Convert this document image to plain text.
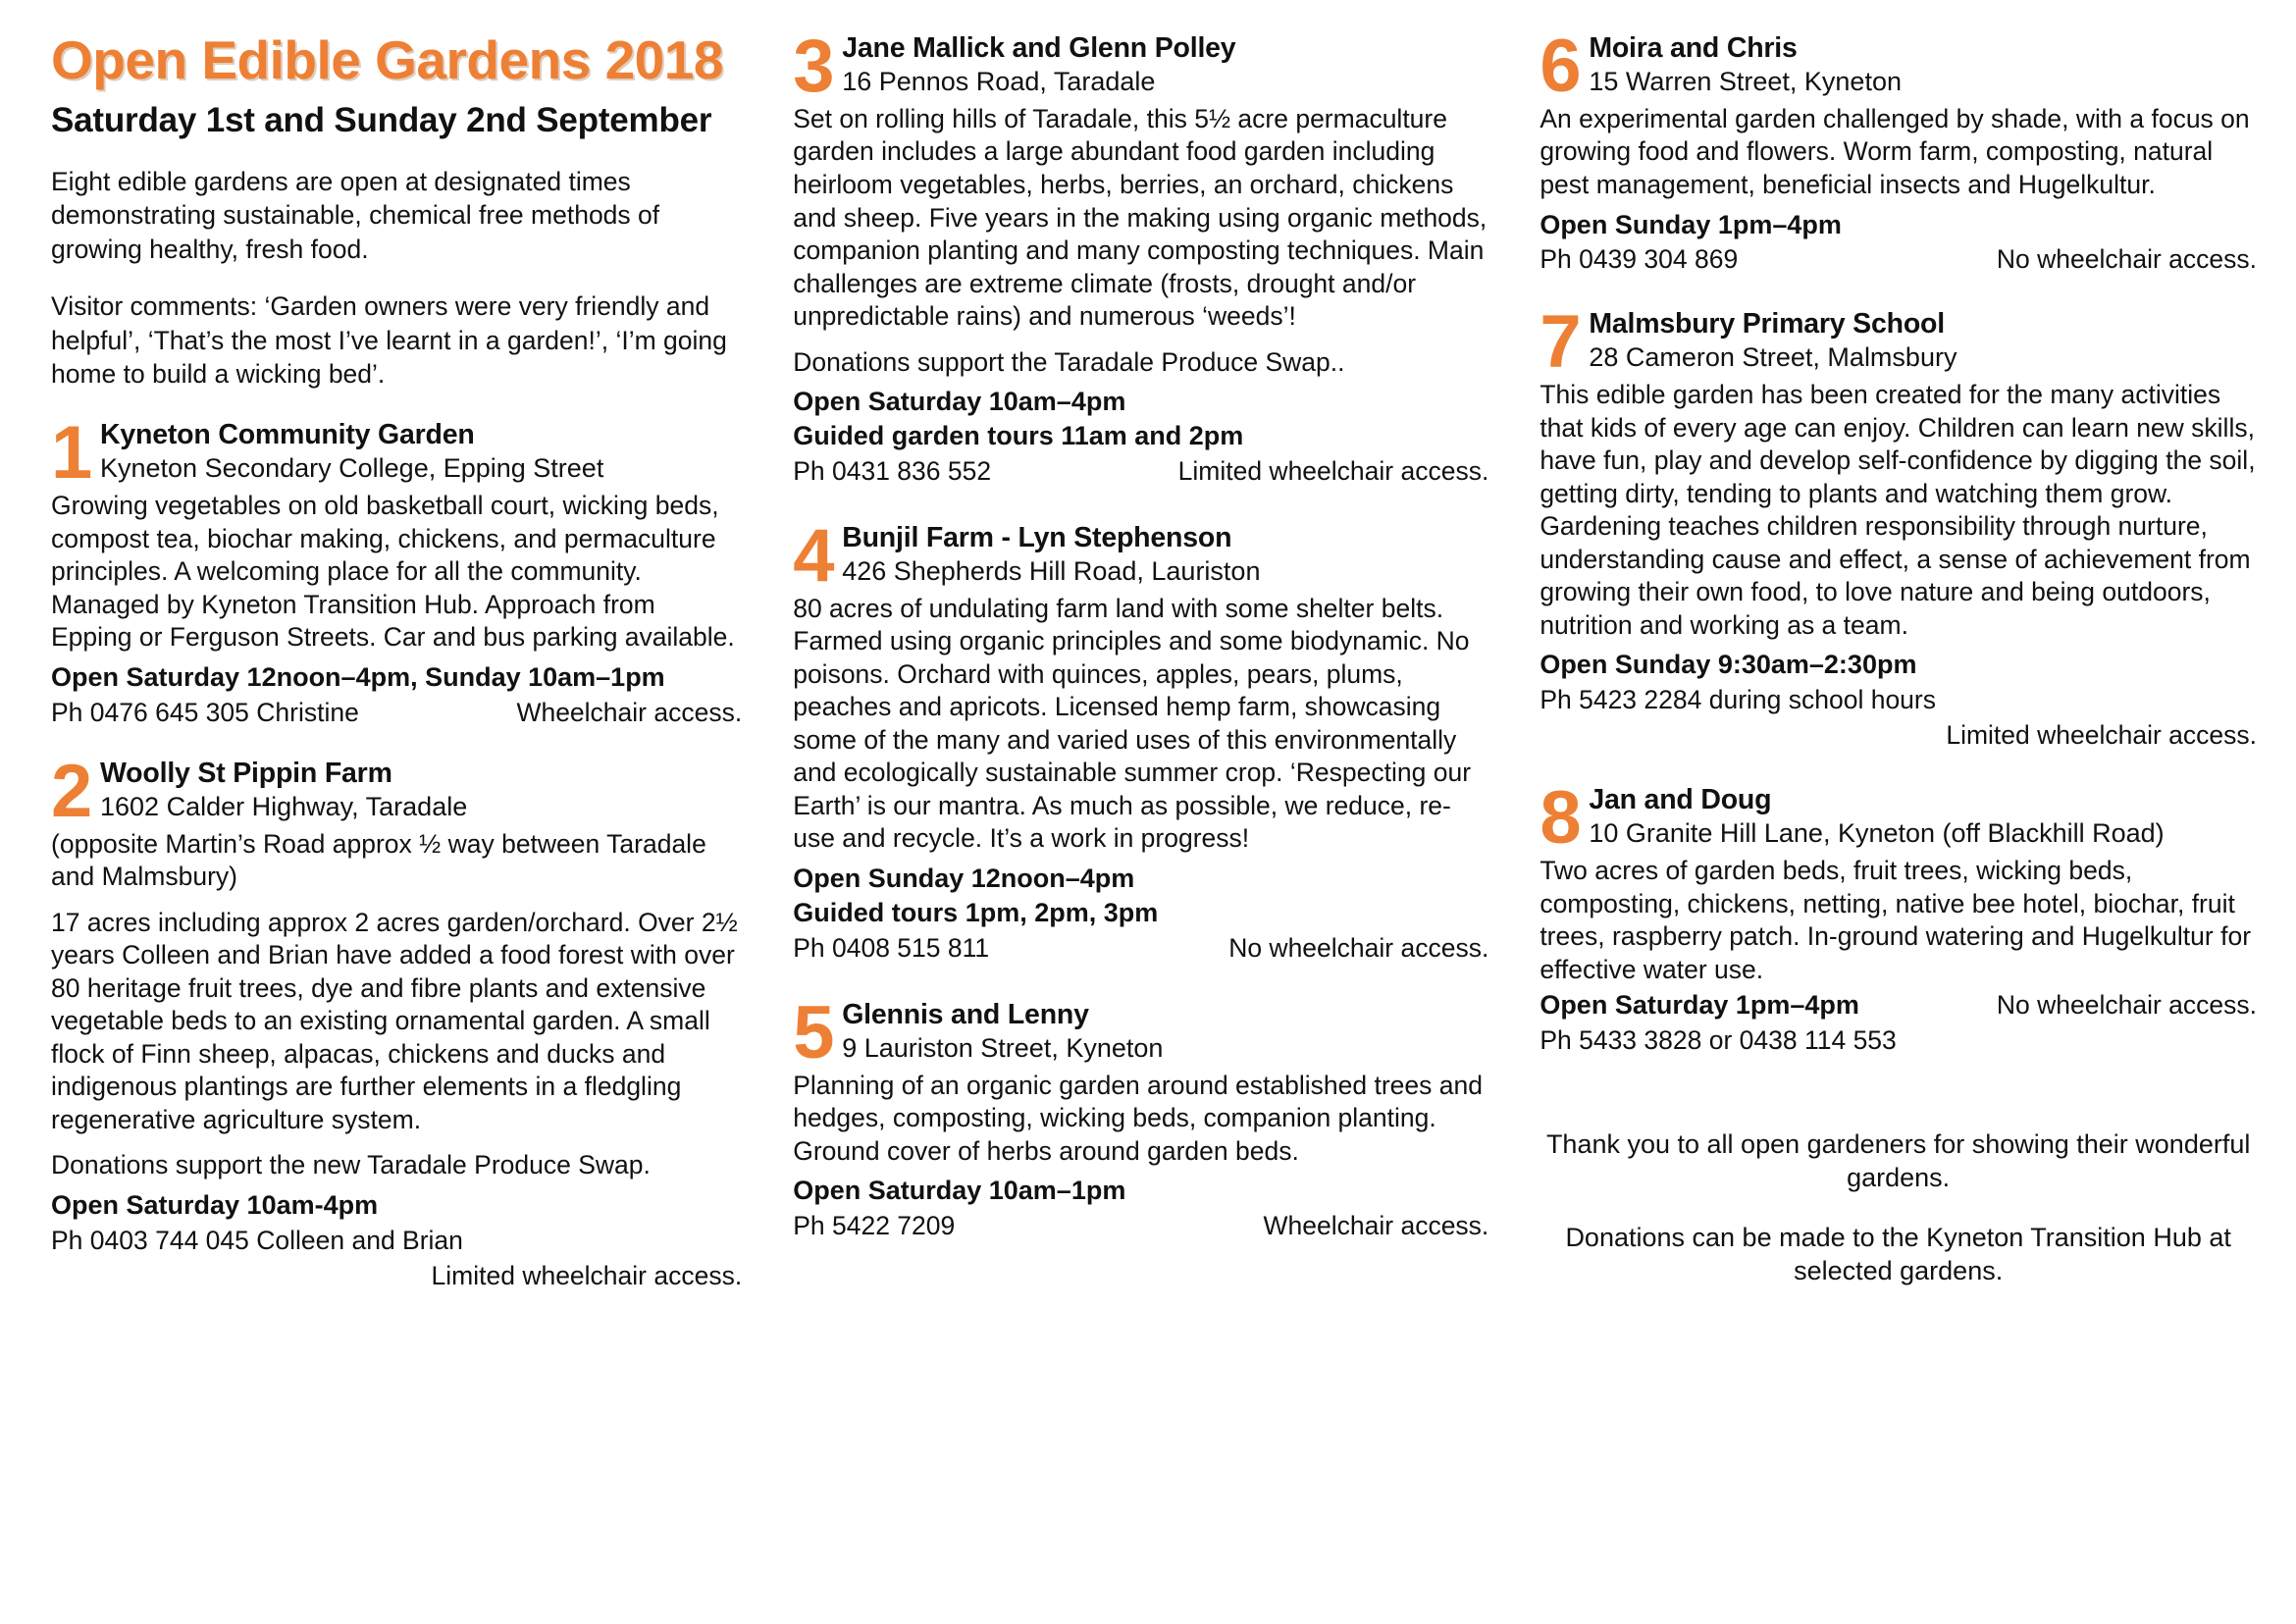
Open Edible Gardens 2018
Saturday 1st and Sunday 2nd September

Eight edible gardens are open at designated times demonstrating sustainable, chemical free methods of growing healthy, fresh food.

Visitor comments: ‘Garden owners were very friendly and helpful’, ‘That’s the most I’ve learnt in a garden!’, ‘I’m going home to build a wicking bed’.

1 Kyneton Community Garden

Kyneton Secondary College, Epping Street

Growing vegetables on old basketball court, wicking beds, compost tea, biochar making, chickens, and permaculture principles. A welcoming place for all the community. Managed by Kyneton Transition Hub. Approach from Epping or Ferguson Streets. Car and bus parking available.

Open Saturday 12noon–4pm, Sunday 10am–1pm

Ph 0476 645 305 Christine	Wheelchair access.
2 Woolly St Pippin Farm

1602 Calder Highway, Taradale

(opposite Martin’s Road approx ½ way between Taradale and Malmsbury)

17 acres including approx 2 acres garden/orchard. Over 2½ years Colleen and Brian have added a food forest with over 80 heritage fruit trees, dye and fibre plants and extensive vegetable beds to an existing ornamental garden. A small flock of Finn sheep, alpacas, chickens and ducks and indigenous plantings are further elements in a fledgling regenerative agriculture system.

Donations support the new Taradale Produce Swap.

Open Saturday 10am-4pm

Ph 0403 744 045 Colleen and Brian

Limited wheelchair access.

3 Jane Mallick and Glenn Polley

16 Pennos Road, Taradale

Set on rolling hills of Taradale, this 5½ acre permaculture garden includes a large abundant food garden including heirloom vegetables, herbs, berries, an orchard, chickens and sheep. Five years in the making using organic methods, companion planting and many composting techniques. Main challenges are extreme climate (frosts, drought and/or unpredictable rains) and numerous ‘weeds’!

Donations support the Taradale Produce Swap..

Open Saturday 10am–4pm

Guided garden tours 11am and 2pm

Ph 0431 836 552	Limited wheelchair access.
4 Bunjil Farm - Lyn Stephenson

426 Shepherds Hill Road, Lauriston

80 acres of undulating farm land with some shelter belts. Farmed using organic principles and some biodynamic. No poisons. Orchard with quinces, apples, pears, plums, peaches and apricots. Licensed hemp farm, showcasing some of the many and varied uses of this environmentally and ecologically sustainable summer crop. ‘Respecting our Earth’ is our mantra. As much as possible, we reduce, re-use and recycle. It’s a work in progress!

Open Sunday 12noon–4pm

Guided tours 1pm, 2pm, 3pm

Ph 0408 515 811	No wheelchair access.
5 Glennis and Lenny

9 Lauriston Street, Kyneton

Planning of an organic garden around established trees and hedges, composting, wicking beds, companion planting. Ground cover of herbs around garden beds.

Open Saturday 10am–1pm

Ph 5422 7209	Wheelchair access.
6 Moira and Chris

15 Warren Street, Kyneton

An experimental garden challenged by shade, with a focus on growing food and flowers. Worm farm, composting, natural pest management, beneficial insects and Hugelkultur.

Open Sunday 1pm–4pm

Ph 0439 304 869	No wheelchair access.
7 Malmsbury Primary School

28 Cameron Street, Malmsbury

This edible garden has been created for the many activities that kids of every age can enjoy. Children can learn new skills, have fun, play and develop self-confidence by digging the soil, getting dirty, tending to plants and watching them grow. Gardening teaches children responsibility through nurture, understanding cause and effect, a sense of achievement from growing their own food, to love nature and being outdoors, nutrition and working as a team.

Open Sunday 9:30am–2:30pm

Ph 5423 2284 during school hours

Limited wheelchair access.

8 Jan and Doug

10 Granite Hill Lane, Kyneton (off Blackhill Road)

Two acres of garden beds, fruit trees, wicking beds, composting, chickens, netting, native bee hotel, biochar, fruit trees, raspberry patch. In-ground watering and Hugelkultur for effective water use.

Open Saturday 1pm–4pm	No wheelchair access.
Ph 5433 3828 or 0438 114 553

Thank you to all open gardeners for showing their wonderful gardens.

Donations can be made to the Kyneton Transition Hub at selected gardens.
